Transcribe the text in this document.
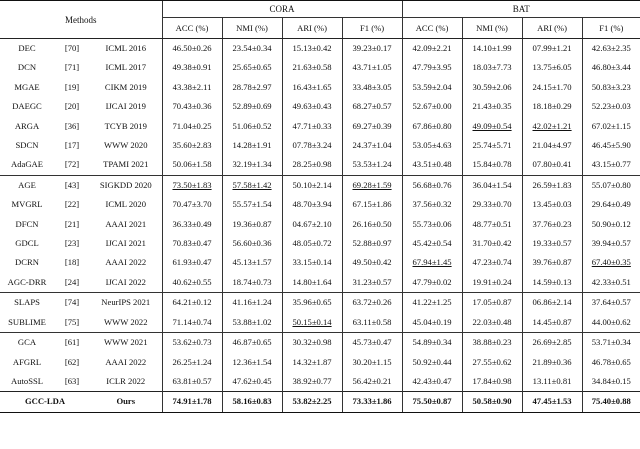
Methods			CORA				BAT			
			ACC (%)	NMI (%)	ARI (%)	F1 (%)	ACC (%)	NMI (%)	ARI (%)	F1 (%)
DEC	[70]	ICML 2016	46.50±0.26	23.54±0.34	15.13±0.42	39.23±0.17	42.09±2.21	14.10±1.99	07.99±1.21	42.63±2.35
DCN	[71]	ICML 2017	49.38±0.91	25.65±0.65	21.63±0.58	43.71±1.05	47.79±3.95	18.03±7.73	13.75±6.05	46.80±3.44
MGAE	[19]	CIKM 2019	43.38±2.11	28.78±2.97	16.43±1.65	33.48±3.05	53.59±2.04	30.59±2.06	24.15±1.70	50.83±3.23
DAEGC	[20]	IJCAI 2019	70.43±0.36	52.89±0.69	49.63±0.43	68.27±0.57	52.67±0.00	21.43±0.35	18.18±0.29	52.23±0.03
ARGA	[36]	TCYB 2019	71.04±0.25	51.06±0.52	47.71±0.33	69.27±0.39	67.86±0.80	49.09±0.54	42.02±1.21	67.02±1.15
SDCN	[17]	WWW 2020	35.60±2.83	14.28±1.91	07.78±3.24	24.37±1.04	53.05±4.63	25.74±5.71	21.04±4.97	46.45±5.90
AdaGAE	[72]	TPAMI 2021	50.06±1.58	32.19±1.34	28.25±0.98	53.53±1.24	43.51±0.48	15.84±0.78	07.80±0.41	43.15±0.77
AGE	[43]	SIGKDD 2020	73.50±1.83	57.58±1.42	50.10±2.14	69.28±1.59	56.68±0.76	36.04±1.54	26.59±1.83	55.07±0.80
MVGRL	[22]	ICML 2020	70.47±3.70	55.57±1.54	48.70±3.94	67.15±1.86	37.56±0.32	29.33±0.70	13.45±0.03	29.64±0.49
DFCN	[21]	AAAI 2021	36.33±0.49	19.36±0.87	04.67±2.10	26.16±0.50	55.73±0.06	48.77±0.51	37.76±0.23	50.90±0.12
GDCL	[23]	IJCAI 2021	70.83±0.47	56.60±0.36	48.05±0.72	52.88±0.97	45.42±0.54	31.70±0.42	19.33±0.57	39.94±0.57
DCRN	[18]	AAAI 2022	61.93±0.47	45.13±1.57	33.15±0.14	49.50±0.42	67.94±1.45	47.23±0.74	39.76±0.87	67.40±0.35
AGC-DRR	[24]	IJCAI 2022	40.62±0.55	18.74±0.73	14.80±1.64	31.23±0.57	47.79±0.02	19.91±0.24	14.59±0.13	42.33±0.51
SLAPS	[74]	NeurIPS 2021	64.21±0.12	41.16±1.24	35.96±0.65	63.72±0.26	41.22±1.25	17.05±0.87	06.86±2.14	37.64±0.57
SUBLIME	[75]	WWW 2022	71.14±0.74	53.88±1.02	50.15±0.14	63.11±0.58	45.04±0.19	22.03±0.48	14.45±0.87	44.00±0.62
GCA	[61]	WWW 2021	53.62±0.73	46.87±0.65	30.32±0.98	45.73±0.47	54.89±0.34	38.88±0.23	26.69±2.85	53.71±0.34
AFGRL	[62]	AAAI 2022	26.25±1.24	12.36±1.54	14.32±1.87	30.20±1.15	50.92±0.44	27.55±0.62	21.89±0.36	46.78±0.65
AutoSSL	[63]	ICLR 2022	63.81±0.57	47.62±0.45	38.92±0.77	56.42±0.21	42.43±0.47	17.84±0.98	13.11±0.81	34.84±0.15
GCC-LDA		Ours	74.91±1.78	58.16±0.83	53.82±2.25	73.33±1.86	75.50±0.87	50.58±0.90	47.45±1.53	75.40±0.88
